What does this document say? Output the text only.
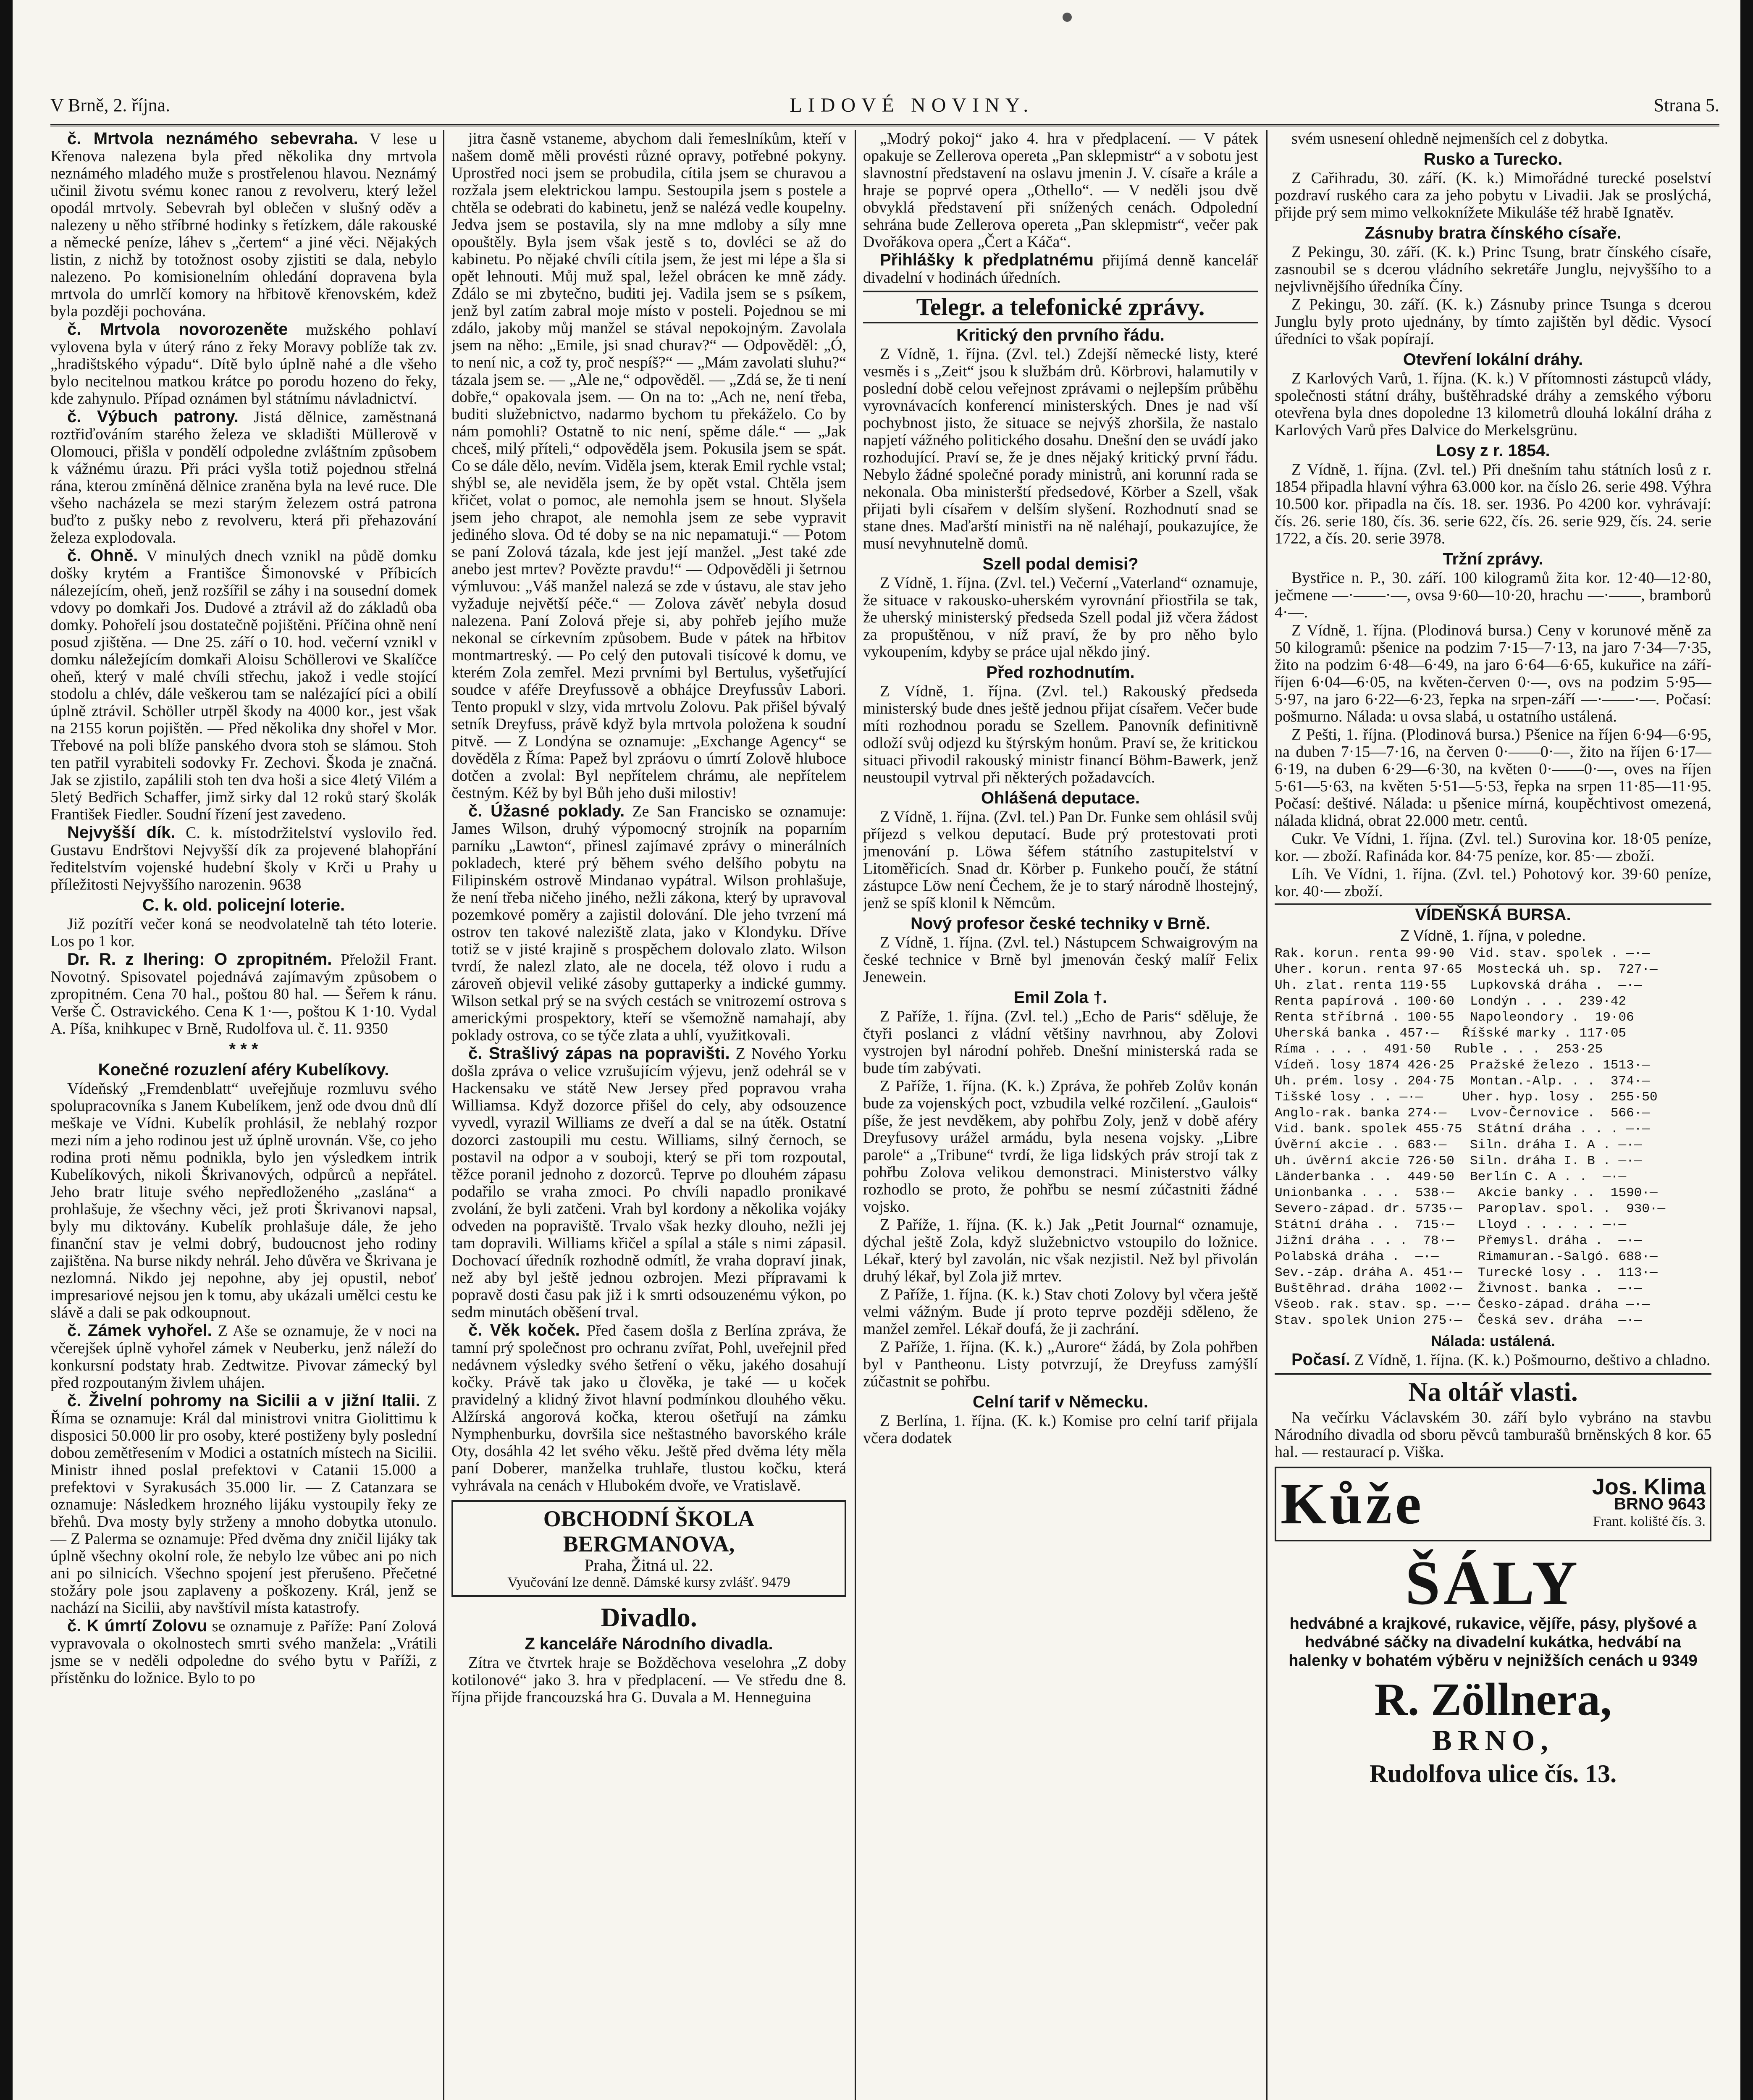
V Brně, 2. října.	LIDOVÉ NOVINY.	Strana 5.

č. Mrtvola neznámého sebevraha. V lese u Křenova nalezena byla před několika dny mrtvola neznámého mladého muže s prostřelenou hlavou. Neznámý učinil životu svému konec ranou z revolveru, který ležel opodál mrtvoly. Sebevrah byl oblečen v slušný oděv a nalezeny u něho stříbrné hodinky s řetízkem, dále rakouské a německé peníze, láhev s „čertem“ a jiné věci. Nějakých listin, z nichž by totožnost osoby zjistiti se dala, nebylo nalezeno. Po komisionelním ohledání dopravena byla mrtvola do umrlčí komory na hřbitově křenovském, kdež byla později pochována.

č. Mrtvola novorozeněte mužského pohlaví vylovena byla v úterý ráno z řeky Moravy poblíže tak zv. „hradištského výpadu“. Dítě bylo úplně nahé a dle všeho bylo necitelnou matkou krátce po porodu hozeno do řeky, kde zahynulo. Případ oznámen byl státnímu návladnictví.

č. Výbuch patrony. Jistá dělnice, zaměstnaná roztřiďováním starého železa ve skladišti Müllerově v Olomouci, přišla v pondělí odpoledne zvláštním způsobem k vážnému úrazu. Při práci vyšla totiž pojednou střelná rána, kterou zmíněná dělnice zraněna byla na levé ruce. Dle všeho nacházela se mezi starým železem ostrá patrona buďto z pušky nebo z revolveru, která při přehazování železa explodovala.

č. Ohně. V minulých dnech vznikl na půdě domku došky krytém a Františce Šimonovské v Příbicích nálezejícím, oheň, jenž rozšířil se záhy i na sousední domek vdovy po domkaři Jos. Dudové a ztrávil až do základů oba domky. Pohořelí jsou dostatečně pojištěni. Příčina ohně není posud zjištěna. — Dne 25. září o 10. hod. večerní vznikl v domku náležejícím domkaři Aloisu Schöllerovi ve Skalíčce oheň, který v malé chvíli střechu, jakož i vedle stojící stodolu a chlév, dále veškerou tam se nalézající píci a obilí úplně ztrávil. Schöller utrpěl škody na 4000 kor., jest však na 2155 korun pojištěn. — Před několika dny shořel v Mor. Třebové na poli blíže panského dvora stoh se slámou. Stoh ten patřil vyrabiteli sodovky Fr. Zechovi. Škoda je značná. Jak se zjistilo, zapálili stoh ten dva hoši a sice 4letý Vilém a 5letý Bedřich Schaffer, jimž sirky dal 12 roků starý školák František Fiedler. Soudní řízení jest zavedeno.

Nejvyšší dík. C. k. místodržitelství vyslovilo řed. Gustavu Endrštovi Nejvyšší dík za projevené blahopřání ředitelstvím vojenské hudební školy v Krči u Prahy u příležitosti Nejvyššího narozenin. 9638

C. k. old. policejní loterie.

Již pozítří večer koná se neodvolatelně tah této loterie. Los po 1 kor.

Dr. R. z Ihering: O zpropitném. Přeložil Frant. Novotný. Spisovatel pojednává zajímavým způsobem o zpropitném. Cena 70 hal., poštou 80 hal. — Šeřem k ránu. Verše Č. Ostravického. Cena K 1·—, poštou K 1·10. Vydal A. Píša, knihkupec v Brně, Rudolfova ul. č. 11. 9350

* * *
Konečné rozuzlení aféry Kubelíkovy.

Vídeňský „Fremdenblatt“ uveřejňuje rozmluvu svého spolupracovníka s Janem Kubelíkem, jenž ode dvou dnů dlí meškaje ve Vídni. Kubelík prohlásil, že neblahý rozpor mezi ním a jeho rodinou jest už úplně urovnán. Vše, co jeho rodina proti němu podnikla, bylo jen výsledkem intrik Kubelíkových, nikoli Škrivanových, odpůrců a nepřátel. Jeho bratr lituje svého nepředloženého „zaslána“ a prohlašuje, že všechny věci, jež proti Škrivanovi napsal, byly mu diktovány. Kubelík prohlašuje dále, že jeho finanční stav je velmi dobrý, budoucnost jeho rodiny zajištěna. Na burse nikdy nehrál. Jeho důvěra ve Škrivana je nezlomná. Nikdo jej nepohne, aby jej opustil, neboť impresariové nejsou jen k tomu, aby ukázali umělci cestu ke slávě a dali se pak odkoupnout.

č. Zámek vyhořel. Z Aše se oznamuje, že v noci na včerejšek úplně vyhořel zámek v Neuberku, jenž náleží do konkursní podstaty hrab. Zedtwitze. Pivovar zámecký byl před rozpoutaným živlem uhájen.

č. Živelní pohromy na Sicilii a v jižní Italii. Z Říma se oznamuje: Král dal ministrovi vnitra Giolittimu k disposici 50.000 lir pro osoby, které postiženy byly poslední dobou zemětřesením v Modici a ostatních místech na Sicilii. Ministr ihned poslal prefektovi v Catanii 15.000 a prefektovi v Syrakusách 35.000 lir. — Z Catanzara se oznamuje: Následkem hrozného lijáku vystoupily řeky ze břehů. Dva mosty byly strženy a mnoho dobytka utonulo. — Z Palerma se oznamuje: Před dvěma dny zničil lijáky tak úplně všechny okolní role, že nebylo lze vůbec ani po nich ani po silnicích. Všechno spojení jest přerušeno. Přečetné stožáry pole jsou zaplaveny a poškozeny. Král, jenž se nachází na Sicilii, aby navštívil místa katastrofy.

č. K úmrtí Zolovu se oznamuje z Paříže: Paní Zolová vypravovala o okolnostech smrti svého manžela: „Vrátili jsme se v neděli odpoledne do svého bytu v Paříži, z přístěnku do ložnice. Bylo to po

jitra časně vstaneme, abychom dali řemeslníkům, kteří v našem domě měli provésti různé opravy, potřebné pokyny. Uprostřed noci jsem se probudila, cítila jsem se churavou a rozžala jsem elektrickou lampu. Sestoupila jsem s postele a chtěla se odebrati do kabinetu, jenž se nalézá vedle koupelny. Jedva jsem se postavila, sly na mne mdloby a síly mne opouštěly. Byla jsem však jestě s to, dovléci se až do kabinetu. Po nějaké chvíli cítila jsem, že jest mi lépe a šla si opět lehnouti. Můj muž spal, ležel obrácen ke mně zády. Zdálo se mi zbytečno, buditi jej. Vadila jsem se s psíkem, jenž byl zatím zabral moje místo v posteli. Pojednou se mi zdálo, jakoby můj manžel se stával nepokojným. Zavolala jsem na něho: „Emile, jsi snad churav?“ — Odpověděl: „Ó, to není nic, a což ty, proč nespíš?“ — „Mám zavolati sluhu?“ tázala jsem se. — „Ale ne,“ odpověděl. — „Zdá se, že ti není dobře,“ opakovala jsem. — On na to: „Ach ne, není třeba, buditi služebnictvo, nadarmo bychom tu překáželo. Co by nám pomohli? Ostatně to nic není, spěme dále.“ — „Jak chceš, milý příteli,“ odpověděla jsem. Pokusila jsem se spát. Co se dále dělo, nevím. Viděla jsem, kterak Emil rychle vstal; shýbl se, ale neviděla jsem, že by opět vstal. Chtěla jsem křičet, volat o pomoc, ale nemohla jsem se hnout. Slyšela jsem jeho chrapot, ale nemohla jsem ze sebe vypravit jediného slova. Od té doby se na nic nepamatuji.“ — Potom se paní Zolová tázala, kde jest její manžel. „Jest také zde anebo jest mrtev? Povězte pravdu!“ — Odpověděli ji šetrnou výmluvou: „Váš manžel nalezá se zde v ústavu, ale stav jeho vyžaduje největší péče.“ — Zolova závěť nebyla dosud nalezena. Paní Zolová přeje si, aby pohřeb jejího muže nekonal se církevním způsobem. Bude v pátek na hřbitov montmartreský. — Po celý den putovali tisícové k domu, ve kterém Zola zemřel. Mezi prvními byl Bertulus, vyšetřující soudce v aféře Dreyfussově a obhájce Dreyfussův Labori. Tento propukl v slzy, vida mrtvolu Zolovu. Pak přišel bývalý setník Dreyfuss, právě když byla mrtvola položena k soudní pitvě. — Z Londýna se oznamuje: „Exchange Agency“ se dověděla z Říma: Papež byl zpráovu o úmrtí Zolově hluboce dotčen a zvolal: Byl nepřítelem chrámu, ale nepřítelem čestným. Kéž by byl Bůh jeho duši milostiv!

č. Úžasné poklady. Ze San Francisko se oznamuje: James Wilson, druhý výpomocný strojník na poparním parníku „Lawton“, přinesl zajímavé zprávy o minerálních pokladech, které prý během svého delšího pobytu na Filipinském ostrově Mindanao vypátral. Wilson prohlašuje, že není třeba ničeho jiného, nežli zákona, který by upravoval pozemkové poměry a zajistil dolování. Dle jeho tvrzení má ostrov ten takové naleziště zlata, jako v Klondyku. Dříve totiž se v jisté krajině s prospěchem dolovalo zlato. Wilson tvrdí, že nalezl zlato, ale ne docela, též olovo i rudu a zároveň objevil veliké zásoby guttaperky a indické gummy. Wilson setkal prý se na svých cestách se vnitrozemí ostrova s americkými prospektory, kteří se všemožně namahají, aby poklady ostrova, co se týče zlata a uhlí, využitkovali.

č. Strašlivý zápas na popravišti. Z Nového Yorku došla zpráva o velice vzrušujícím výjevu, jenž odehrál se v Hackensaku ve státě New Jersey před popravou vraha Williamsa. Když dozorce přišel do cely, aby odsouzence vyvedl, vyrazil Williams ze dveří a dal se na útěk. Ostatní dozorci zastoupili mu cestu. Williams, silný černoch, se postavil na odpor a v souboji, který se při tom rozpoutal, těžce poranil jednoho z dozorců. Teprve po dlouhém zápasu podařilo se vraha zmoci. Po chvíli napadlo pronikavé zvolání, že byli zatčeni. Vrah byl kordony a několika vojáky odveden na popraviště. Trvalo však hezky dlouho, nežli jej tam dopravili. Williams křičel a spílal a stále s nimi zápasil. Dochovací úředník rozhodně odmítl, že vraha dopraví jinak, než aby byl ještě jednou ozbrojen. Mezi přípravami k popravě dosti času pak již i k smrti odsouzenému výkon, po sedm minutách oběšení trval.

č. Věk koček. Před časem došla z Berlína zpráva, že tamní prý společnost pro ochranu zvířat, Pohl, uveřejnil před nedávnem výsledky svého šetření o věku, jakého dosahují kočky. Právě tak jako u člověka, je také — u koček pravidelný a klidný život hlavní podmínkou dlouhého věku. Alžírská angorová kočka, kterou ošetřují na zámku Nymphenburku, dovršila sice neštastného bavorského krále Oty, dosáhla 42 let svého věku. Ještě před dvěma léty měla paní Doberer, manželka truhlaře, tlustou kočku, která vyhrávala na cenách v Hlubokém dvoře, ve Vratislavě.

OBCHODNÍ ŠKOLA BERGMANOVA,
Praha, Žitná ul. 22.
Vyučování lze denně. Dámské kursy zvlášť. 9479
Divadlo.
Z kanceláře Národního divadla.

Zítra ve čtvrtek hraje se Božděchova veselohra „Z doby kotilonové“ jako 3. hra v předplacení. — Ve středu dne 8. října přijde francouzská hra G. Duvala a M. Henneguina

„Modrý pokoj“ jako 4. hra v předplacení. — V pátek opakuje se Zellerova opereta „Pan sklepmistr“ a v sobotu jest slavnostní představení na oslavu jmenin J. V. císaře a krále a hraje se poprvé opera „Othello“. — V neděli jsou dvě obvyklá představení při snížených cenách. Odpolední sehrána bude Zellerova opereta „Pan sklepmistr“, večer pak Dvořákova opera „Čert a Káča“.

Přihlášky k předplatnému přijímá denně kancelář divadelní v hodinách úředních.

Telegr. a telefonické zprávy.
Kritický den prvního řádu.

Z Vídně, 1. října. (Zvl. tel.) Zdejší německé listy, které vesměs i s „Zeit“ jsou k službám drů. Körbrovi, halamutily v poslední době celou veřejnost zprávami o nejlepším průběhu vyrovnávacích konferencí ministerských. Dnes je nad vší pochybnost jisto, že situace se nejvýš zhoršila, že nastalo napjetí vážného politického dosahu. Dnešní den se uvádí jako rozhodující. Praví se, že je dnes nějaký kritický první řádu. Nebylo žádné společné porady ministrů, ani korunní rada se nekonala. Oba ministerští předsedové, Körber a Szell, však přijati byli císařem v delším slyšení. Rozhodnutí snad se stane dnes. Maďarští ministři na ně naléhají, poukazujíce, že musí nevyhnutelně domů.

Szell podal demisi?

Z Vídně, 1. října. (Zvl. tel.) Večerní „Vaterland“ oznamuje, že situace v rakousko-uherském vyrovnání přiostřila se tak, že uherský ministerský předseda Szell podal již včera žádost za propuštěnou, v níž praví, že by pro něho bylo vykoupením, kdyby se práce ujal někdo jiný.

Před rozhodnutím.

Z Vídně, 1. října. (Zvl. tel.) Rakouský předseda ministerský bude dnes ještě jednou přijat císařem. Večer bude míti rozhodnou poradu se Szellem. Panovník definitivně odloží svůj odjezd ku štýrským honům. Praví se, že kritickou situaci přivodil rakouský ministr financí Böhm-Bawerk, jenž neustoupil vytrval při některých požadavcích.

Ohlášená deputace.

Z Vídně, 1. října. (Zvl. tel.) Pan Dr. Funke sem ohlásil svůj příjezd s velkou deputací. Bude prý protestovati proti jmenování p. Löwa šéfem státního zastupitelství v Litoměřicích. Snad dr. Körber p. Funkeho poučí, že státní zástupce Löw není Čechem, že je to starý národně lhostejný, jenž se spíš klonil k Němcům.

Nový profesor české techniky v Brně.

Z Vídně, 1. října. (Zvl. tel.) Nástupcem Schwaigrovým na české technice v Brně byl jmenován český malíř Felix Jenewein.

Emil Zola †.

Z Paříže, 1. října. (Zvl. tel.) „Echo de Paris“ sděluje, že čtyři poslanci z vládní většiny navrhnou, aby Zolovi vystrojen byl národní pohřeb. Dnešní ministerská rada se bude tím zabývati.

Z Paříže, 1. října. (K. k.) Zpráva, že pohřeb Zolův konán bude za vojenských poct, vzbudila velké rozčilení. „Gaulois“ píše, že jest nevděkem, aby pohřbu Zoly, jenž v době aféry Dreyfusovy urážel armádu, byla nesena vojsky. „Libre parole“ a „Tribune“ tvrdí, že liga lidských práv strojí tak z pohřbu Zolova velikou demonstraci. Ministerstvo války rozhodlo se proto, že pohřbu se nesmí zúčastniti žádné vojsko.

Z Paříže, 1. října. (K. k.) Jak „Petit Journal“ oznamuje, dýchal ještě Zola, když služebnictvo vstoupilo do ložnice. Lékař, který byl zavolán, nic však nezjistil. Než byl přivolán druhý lékař, byl Zola již mrtev.

Z Paříže, 1. října. (K. k.) Stav choti Zolovy byl včera ještě velmi vážným. Bude jí proto teprve později sděleno, že manžel zemřel. Lékař doufá, že ji zachrání.

Z Paříže, 1. října. (K. k.) „Aurore“ žádá, by Zola pohřben byl v Pantheonu. Listy potvrzují, že Dreyfuss zamýšlí zúčastnit se pohřbu.

Celní tarif v Německu.

Z Berlína, 1. října. (K. k.) Komise pro celní tarif přijala včera dodatek

svém usnesení ohledně nejmenších cel z dobytka.

Rusko a Turecko.

Z Cařihradu, 30. září. (K. k.) Mimořádné turecké poselství pozdraví ruského cara za jeho pobytu v Livadii. Jak se proslýchá, přijde prý sem mimo velkoknížete Mikuláše též hrabě Ignatěv.

Zásnuby bratra čínského císaře.

Z Pekingu, 30. září. (K. k.) Princ Tsung, bratr čínského císaře, zasnoubil se s dcerou vládního sekretáře Junglu, nejvyššího to a nejvlivnějšího úředníka Číny.

Z Pekingu, 30. září. (K. k.) Zásnuby prince Tsunga s dcerou Junglu byly proto ujednány, by tímto zajištěn byl dědic. Vysocí úředníci to však popírají.

Otevření lokální dráhy.

Z Karlových Varů, 1. října. (K. k.) V přítomnosti zástupců vlády, společnosti státní dráhy, buštěhradské dráhy a zemského výboru otevřena byla dnes dopoledne 13 kilometrů dlouhá lokální dráha z Karlových Varů přes Dalvice do Merkelsgrünu.

Losy z r. 1854.

Z Vídně, 1. října. (Zvl. tel.) Při dnešním tahu státních losů z r. 1854 připadla hlavní výhra 63.000 kor. na číslo 26. serie 498. Výhra 10.500 kor. připadla na čís. 18. ser. 1936. Po 4200 kor. vyhrávají: čís. 26. serie 180, čís. 36. serie 622, čís. 26. serie 929, čís. 24. serie 1722, a čís. 20. serie 3978.

Tržní zprávy.

Bystřice n. P., 30. září. 100 kilogramů žita kor. 12·40—12·80, ječmene —·——·—, ovsa 9·60—10·20, hrachu —·——, bramborů 4·—.

Z Vídně, 1. října. (Plodinová bursa.) Ceny v korunové měně za 50 kilogramů: pšenice na podzim 7·15—7·13, na jaro 7·34—7·35, žito na podzim 6·48—6·49, na jaro 6·64—6·65, kukuřice na září-říjen 6·04—6·05, na květen-červen 0·—, ovs na podzim 5·95—5·97, na jaro 6·22—6·23, řepka na srpen-září —·——·—. Počasí: pošmurno. Nálada: u ovsa slabá, u ostatního ustálená.

Z Pešti, 1. října. (Plodinová bursa.) Pšenice na říjen 6·94—6·95, na duben 7·15—7·16, na červen 0·——0·—, žito na říjen 6·17—6·19, na duben 6·29—6·30, na květen 0·——0·—, oves na říjen 5·61—5·63, na květen 5·51—5·53, řepka na srpen 11·85—11·95. Počasí: deštivé. Nálada: u pšenice mírná, koupěchtivost omezená, nálada klidná, obrat 22.000 metr. centů.

Cukr. Ve Vídni, 1. října. (Zvl. tel.) Surovina kor. 18·05 peníze, kor. — zboží. Rafináda kor. 84·75 peníze, kor. 85·— zboží.

Líh. Ve Vídni, 1. října. (Zvl. tel.) Pohotový kor. 39·60 peníze, kor. 40·— zboží.

VÍDEŇSKÁ BURSA.
Z Vídně, 1. října, v poledne.
Rak. korun. renta 99·90  Vid. stav. spolek . —·—
Uher. korun. renta 97·65  Mostecká uh. sp.  727·—
Uh. zlat. renta 119·55   Lupkovská dráha .  —·—
Renta papírová . 100·60  Londýn . . .  239·42
Renta stříbrná . 100·55  Napoleondory .  19·06
Uherská banka . 457·—   Říšské marky . 117·05
Ríma . . . .  491·50   Ruble . . .  253·25
Vídeň. losy 1874 426·25  Pražské železo . 1513·—
Uh. prém. losy . 204·75  Montan.-Alp. . .  374·—
Tišské losy . . —·—     Uher. hyp. losy .  255·50
Anglo-rak. banka 274·—   Lvov-Černovice .  566·—
Vid. bank. spolek 455·75  Státní dráha . . . —·—
Úvěrní akcie . . 683·—   Siln. dráha I. A . —·—
Uh. úvěrní akcie 726·50  Siln. dráha I. B . —·—
Länderbanka . .  449·50  Berlín C. A . .  —·—
Unionbanka . . .  538·—   Akcie banky . .  1590·—
Severo-západ. dr. 5735·—  Paroplav. spol. .  930·—
Státní dráha . .  715·—   Lloyd . . . . . —·—
Jižní dráha . . .  78·—   Přemysl. dráha .  —·—
Polabská dráha .  —·—     Rimamuran.-Salgó. 688·—
Sev.-záp. dráha A. 451·—  Turecké losy . .  113·—
Buštěhrad. dráha  1002·—  Živnost. banka .  —·—
Všeob. rak. stav. sp. —·— Česko-západ. dráha —·—
Stav. spolek Union 275·—  Česká sev. dráha  —·—
Nálada: ustálená.

Počasí. Z Vídně, 1. října. (K. k.) Pošmourno, deštivo a chladno.

Na oltář vlasti.

Na večírku Václavském 30. září bylo vybráno na stavbu Národního divadla od sboru pěvců tamburašů brněnských 8 kor. 65 hal. — restaurací p. Viška.

Kůže	Jos. Klima
BRNO 9643
Frant. kolišté čís. 3.
ŠÁLY
hedvábné a krajkové, rukavice, vějíře, pásy, plyšové a hedvábné sáčky na divadelní kukátka, hedvábí na halenky v bohatém výběru v nejnižších cenách u 9349
R. Zöllnera,
BRNO,
Rudolfova ulice čís. 13.
